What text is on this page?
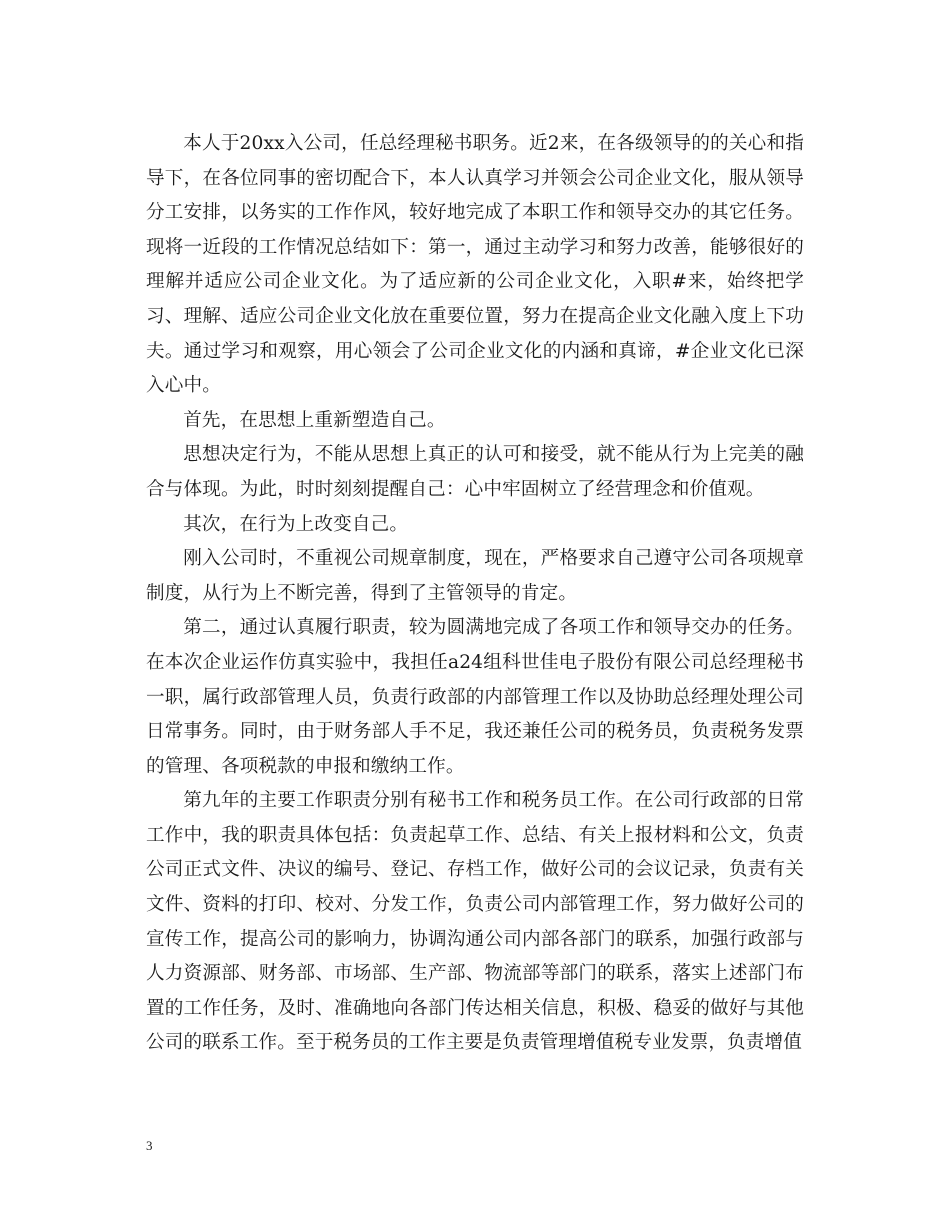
本人于20xx入公司，任总经理秘书职务。近2来，在各级领导的的关心和指导下，在各位同事的密切配合下，本人认真学习并领会公司企业文化，服从领导分工安排，以务实的工作作风，较好地完成了本职工作和领导交办的其它任务。现将一近段的工作情况总结如下：第一，通过主动学习和努力改善，能够很好的理解并适应公司企业文化。为了适应新的公司企业文化，入职#来，始终把学习、理解、适应公司企业文化放在重要位置，努力在提高企业文化融入度上下功夫。通过学习和观察，用心领会了公司企业文化的内涵和真谛，#企业文化已深入心中。

首先，在思想上重新塑造自己。

思想决定行为，不能从思想上真正的认可和接受，就不能从行为上完美的融合与体现。为此，时时刻刻提醒自己：心中牢固树立了经营理念和价值观。

其次，在行为上改变自己。

刚入公司时，不重视公司规章制度，现在，严格要求自己遵守公司各项规章制度，从行为上不断完善，得到了主管领导的肯定。

第二，通过认真履行职责，较为圆满地完成了各项工作和领导交办的任务。在本次企业运作仿真实验中，我担任a24组科世佳电子股份有限公司总经理秘书一职，属行政部管理人员，负责行政部的内部管理工作以及协助总经理处理公司日常事务。同时，由于财务部人手不足，我还兼任公司的税务员，负责税务发票的管理、各项税款的申报和缴纳工作。

第九年的主要工作职责分别有秘书工作和税务员工作。在公司行政部的日常工作中，我的职责具体包括：负责起草工作、总结、有关上报材料和公文，负责公司正式文件、决议的编号、登记、存档工作，做好公司的会议记录，负责有关文件、资料的打印、校对、分发工作，负责公司内部管理工作，努力做好公司的宣传工作，提高公司的影响力，协调沟通公司内部各部门的联系，加强行政部与人力资源部、财务部、市场部、生产部、物流部等部门的联系，落实上述部门布置的工作任务，及时、准确地向各部门传达相关信息，积极、稳妥的做好与其他公司的联系工作。至于税务员的工作主要是负责管理增值税专业发票，负责增值

3
